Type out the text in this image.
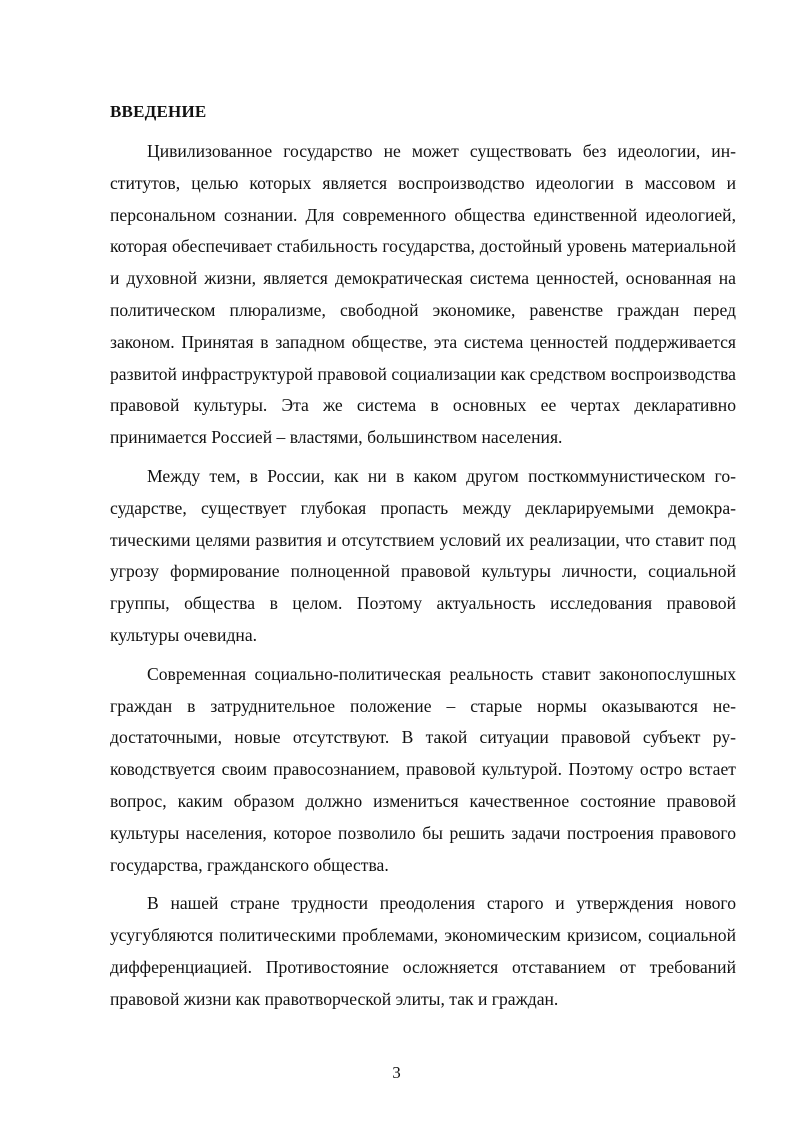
ВВЕДЕНИЕ

Цивилизованное государство не может существовать без идеологии, институтов, целью которых является воспроизводство идеологии в массовом и персональном сознании. Для современного общества единственной идеологией, которая обеспечивает стабильность государства, достойный уровень материальной и духовной жизни, является демократическая система ценностей, основанная на политическом плюрализме, свободной экономике, равенстве граждан перед законом. Принятая в западном обществе, эта система ценностей поддерживается развитой инфраструктурой правовой социализации как средством воспроизводства правовой культуры. Эта же система в основных ее чертах декларативно принимается Россией – властями, большинством населения.

Между тем, в России, как ни в каком другом посткоммунистическом государстве, существует глубокая пропасть между декларируемыми демократическими целями развития и отсутствием условий их реализации, что ставит под угрозу формирование полноценной правовой культуры личности, социальной группы, общества в целом. Поэтому актуальность исследования правовой культуры очевидна.

Современная социально-политическая реальность ставит законопослушных граждан в затруднительное положение – старые нормы оказываются недостаточными, новые отсутствуют. В такой ситуации правовой субъект руководствуется своим правосознанием, правовой культурой. Поэтому остро встает вопрос, каким образом должно измениться качественное состояние правовой культуры населения, которое позволило бы решить задачи построения правового государства, гражданского общества.

В нашей стране трудности преодоления старого и утверждения нового усугубляются политическими проблемами, экономическим кризисом, социальной дифференциацией. Противостояние осложняется отставанием от требований правовой жизни как правотворческой элиты, так и граждан.

3
